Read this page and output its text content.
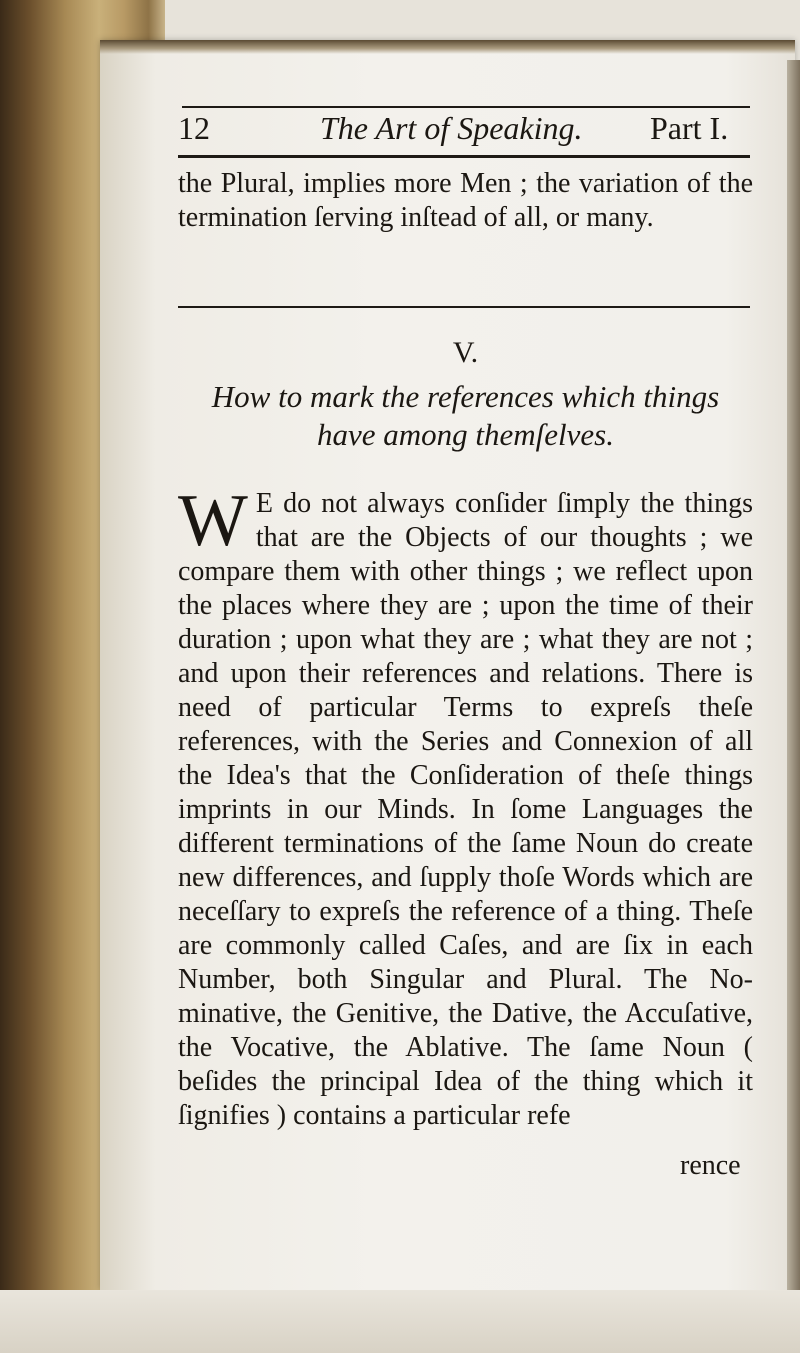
12	The Art of Speaking. Part I.
the Plural, implies more Men ; the variation of the termination ſerving inſtead of all, or many.
V.
How to mark the references which things
have among themſelves.
W E do not always conſider ſimply the things that are the Objects of our thoughts ; we compare them with other things ; we reflect upon the places where they are ; upon the time of their duration ; upon what they are ; what they are not ; and upon their references and relations. There is need of particular Terms to expreſs theſe references, with the Series and Connexion of all the Idea's that the Conſideration of theſe things imprints in our Minds. In ſome Languages the different terminations of the ſame Noun do create new differences, and ſupply thoſe Words which are neceſſary to expreſs the reference of a thing. Theſe are commonly called Caſes, and are ſix in each Number, both Singular and Plural. The Nominative, the Genitive, the Dative, the Accuſative, the Vocative, the Ablative. The ſame Noun ( beſides the principal Idea of the thing which it ſignifies ) contains a particular refe
rence
